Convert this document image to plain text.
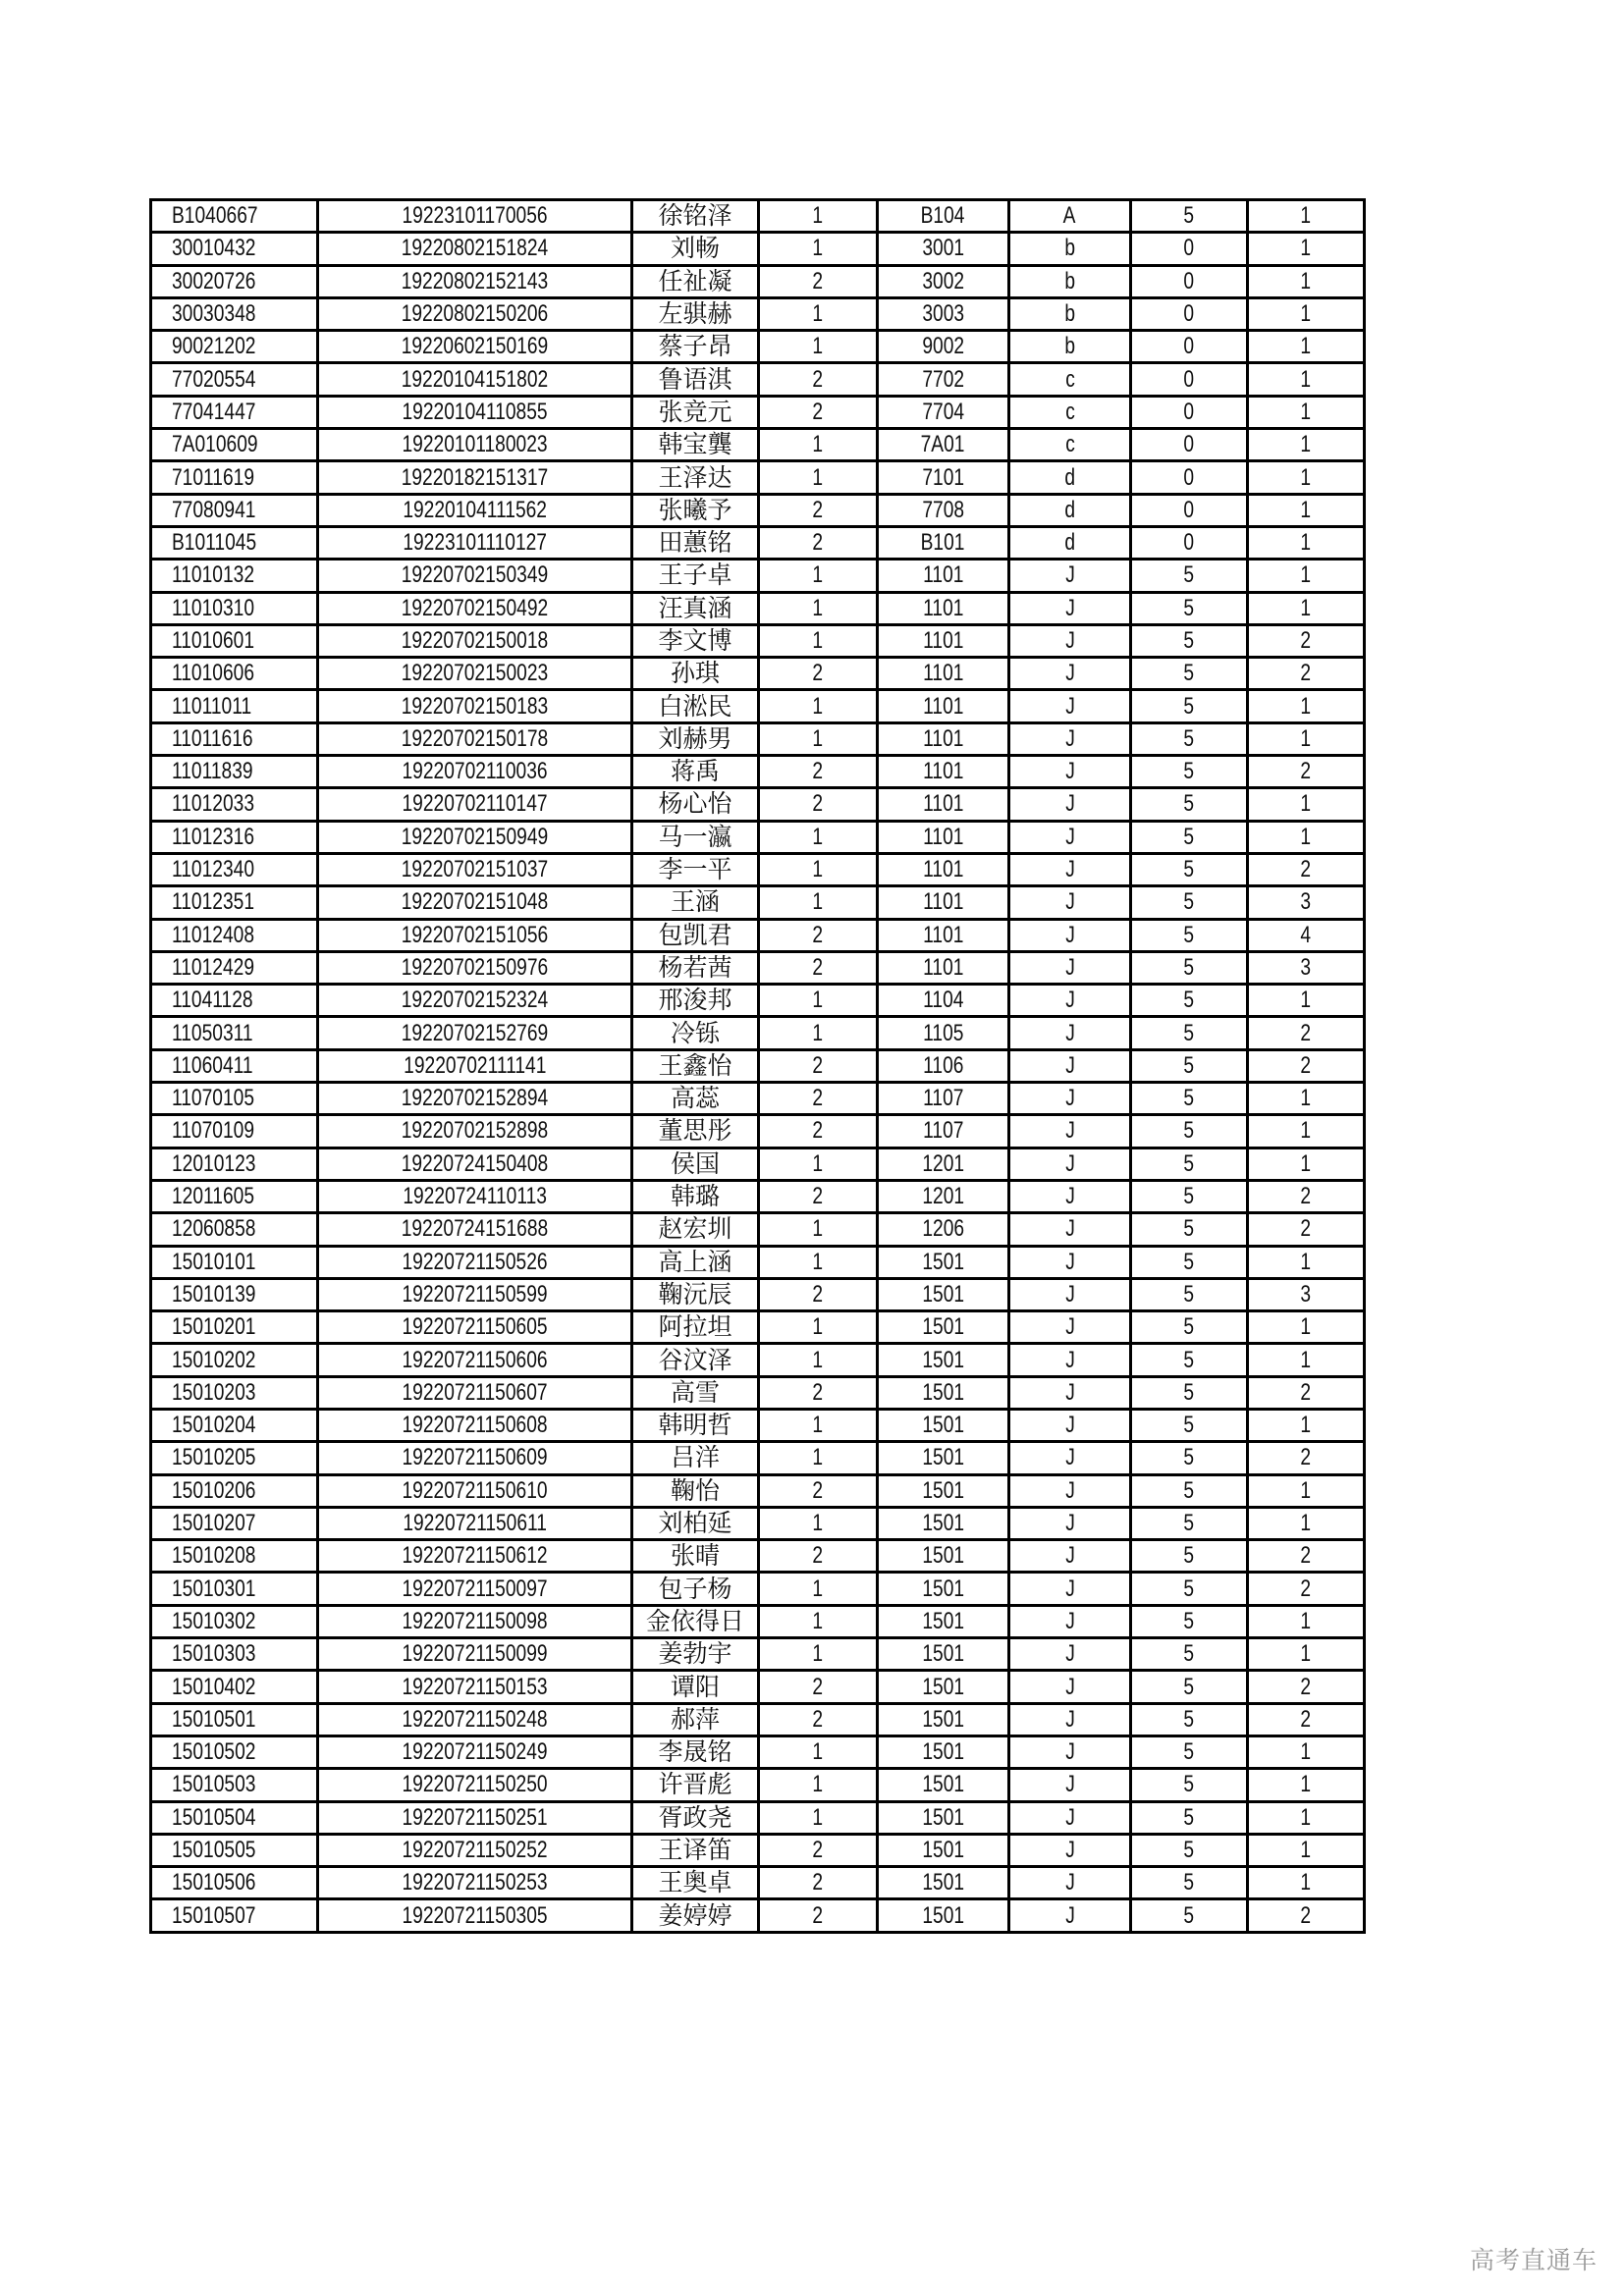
B1040667	19223101170056	徐铭泽	1	B104	A	5	1
30010432	19220802151824	刘畅	1	3001	b	0	1
30020726	19220802152143	任祉凝	2	3002	b	0	1
30030348	19220802150206	左骐赫	1	3003	b	0	1
90021202	19220602150169	蔡子昂	1	9002	b	0	1
77020554	19220104151802	鲁语淇	2	7702	c	0	1
77041447	19220104110855	张竞元	2	7704	c	0	1
7A010609	19220101180023	韩宝龔	1	7A01	c	0	1
71011619	19220182151317	王泽达	1	7101	d	0	1
77080941	19220104111562	张曦予	2	7708	d	0	1
B1011045	19223101110127	田蕙铭	2	B101	d	0	1
11010132	19220702150349	王子卓	1	1101	J	5	1
11010310	19220702150492	汪真涵	1	1101	J	5	1
11010601	19220702150018	李文博	1	1101	J	5	2
11010606	19220702150023	孙琪	2	1101	J	5	2
11011011	19220702150183	白淞民	1	1101	J	5	1
11011616	19220702150178	刘赫男	1	1101	J	5	1
11011839	19220702110036	蒋禹	2	1101	J	5	2
11012033	19220702110147	杨心怡	2	1101	J	5	1
11012316	19220702150949	马一瀛	1	1101	J	5	1
11012340	19220702151037	李一平	1	1101	J	5	2
11012351	19220702151048	王涵	1	1101	J	5	3
11012408	19220702151056	包凯君	2	1101	J	5	4
11012429	19220702150976	杨若茜	2	1101	J	5	3
11041128	19220702152324	邢浚邦	1	1104	J	5	1
11050311	19220702152769	冷铄	1	1105	J	5	2
11060411	19220702111141	王鑫怡	2	1106	J	5	2
11070105	19220702152894	高蕊	2	1107	J	5	1
11070109	19220702152898	董思彤	2	1107	J	5	1
12010123	19220724150408	侯国	1	1201	J	5	1
12011605	19220724110113	韩璐	2	1201	J	5	2
12060858	19220724151688	赵宏圳	1	1206	J	5	2
15010101	19220721150526	高上涵	1	1501	J	5	1
15010139	19220721150599	鞠沅辰	2	1501	J	5	3
15010201	19220721150605	阿拉坦	1	1501	J	5	1
15010202	19220721150606	谷汶泽	1	1501	J	5	1
15010203	19220721150607	高雪	2	1501	J	5	2
15010204	19220721150608	韩明哲	1	1501	J	5	1
15010205	19220721150609	吕洋	1	1501	J	5	2
15010206	19220721150610	鞠怡	2	1501	J	5	1
15010207	19220721150611	刘柏延	1	1501	J	5	1
15010208	19220721150612	张晴	2	1501	J	5	2
15010301	19220721150097	包子杨	1	1501	J	5	2
15010302	19220721150098	金依得日	1	1501	J	5	1
15010303	19220721150099	姜勃宇	1	1501	J	5	1
15010402	19220721150153	谭阳	2	1501	J	5	2
15010501	19220721150248	郝萍	2	1501	J	5	2
15010502	19220721150249	李晟铭	1	1501	J	5	1
15010503	19220721150250	许晋彪	1	1501	J	5	1
15010504	19220721150251	胥政尧	1	1501	J	5	1
15010505	19220721150252	王译笛	2	1501	J	5	1
15010506	19220721150253	王奥卓	2	1501	J	5	1
15010507	19220721150305	姜婷婷	2	1501	J	5	2
高考直通车
